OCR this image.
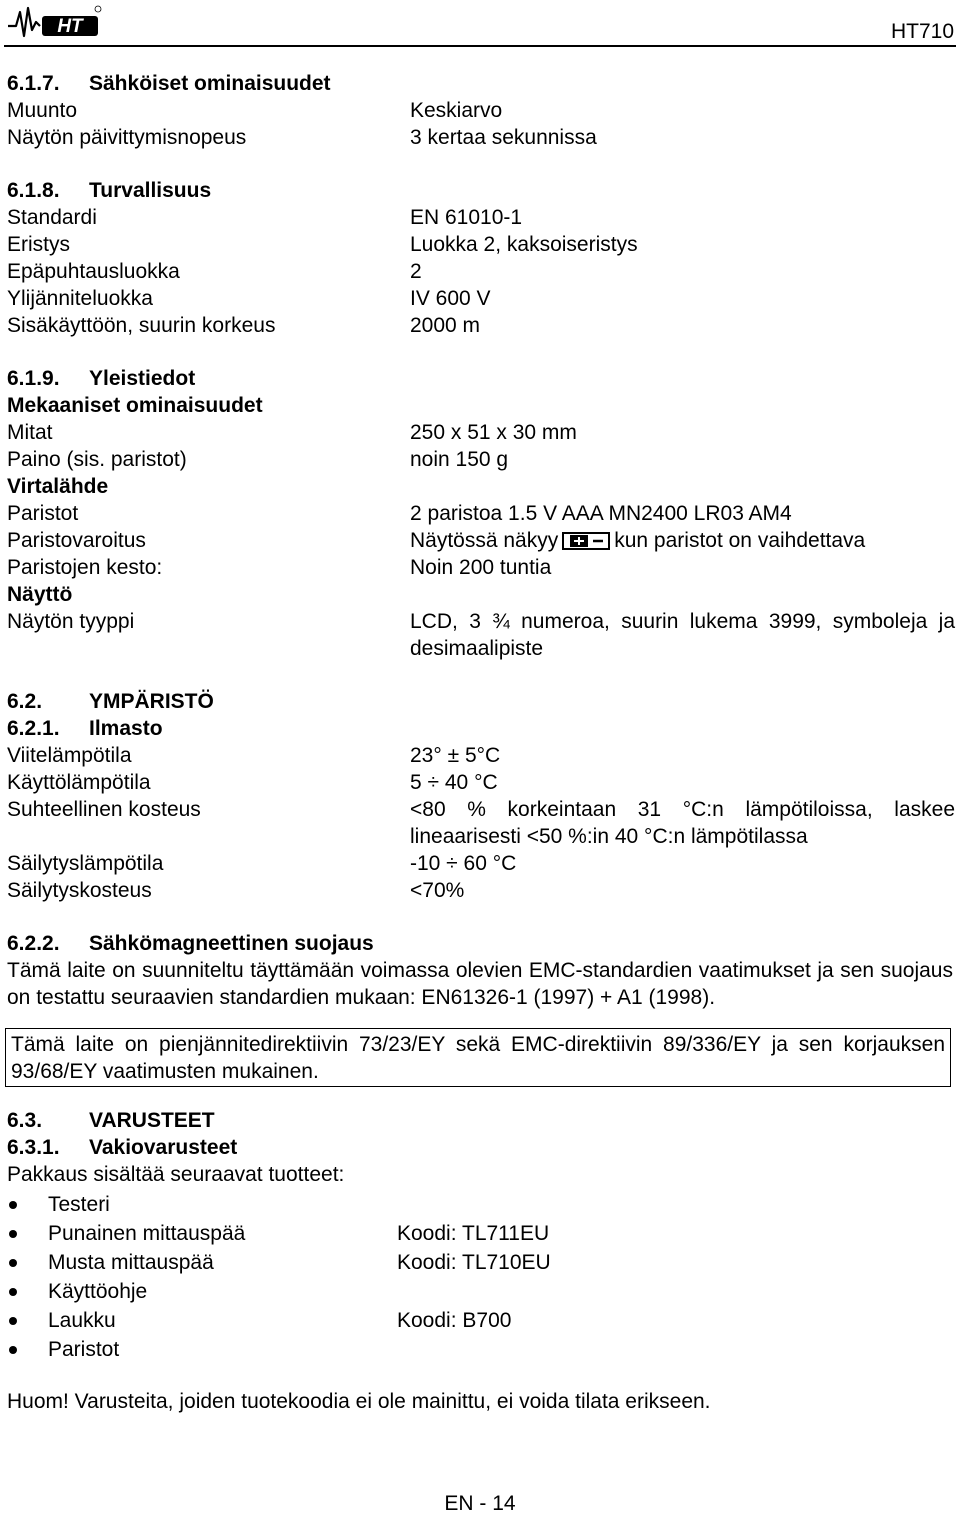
HT	HT710
6.1.7. Sähköiset ominaisuudet
Muunto	Keskiarvo
Näytön päivittymisnopeus	3 kertaa sekunnissa
6.1.8. Turvallisuus
Standardi	EN 61010-1
Eristys	Luokka 2, kaksoiseristys
Epäpuhtausluokka	2
Ylijänniteluokka	IV 600 V
Sisäkäyttöön, suurin korkeus	2000 m
6.1.9. Yleistiedot
Mekaaniset ominaisuudet
Mitat	250 x 51 x 30 mm
Paino (sis. paristot)	noin 150 g
Virtalähde
Paristot	2 paristoa 1.5 V AAA MN2400 LR03 AM4
Paristovaroitus	Näytössä näkyy	kun paristot on vaihdettava
Paristojen kesto:	Noin 200 tuntia
Näyttö
Näytön tyyppi	LCD, 3 ¾ numeroa, suurin lukema 3999, symboleja ja desimaalipiste
6.2. YMPÄRISTÖ
6.2.1. Ilmasto
Viitelämpötila	23° ± 5°C
Käyttölämpötila	5 ÷ 40 °C
Suhteellinen kosteus	<80 % korkeintaan 31 °C:n lämpötiloissa, laskee lineaarisesti <50 %:in 40 °C:n lämpötilassa
Säilytyslämpötila	-10 ÷ 60 °C
Säilytyskosteus	<70%
6.2.2. Sähkömagneettinen suojaus
Tämä laite on suunniteltu täyttämään voimassa olevien EMC-standardien vaatimukset ja sen suojaus on testattu seuraavien standardien mukaan: EN61326-1 (1997) + A1 (1998).
Tämä laite on pienjännitedirektiivin 73/23/EY sekä EMC-direktiivin 89/336/EY ja sen korjauksen 93/68/EY vaatimusten mukainen.
6.3. VARUSTEET
6.3.1. Vakiovarusteet
Pakkaus sisältää seuraavat tuotteet:
Testeri
Punainen mittauspää	Koodi: TL711EU
Musta mittauspää	Koodi: TL710EU
Käyttöohje
Laukku	Koodi: B700
Paristot
Huom! Varusteita, joiden tuotekoodia ei ole mainittu, ei voida tilata erikseen.
EN - 14
